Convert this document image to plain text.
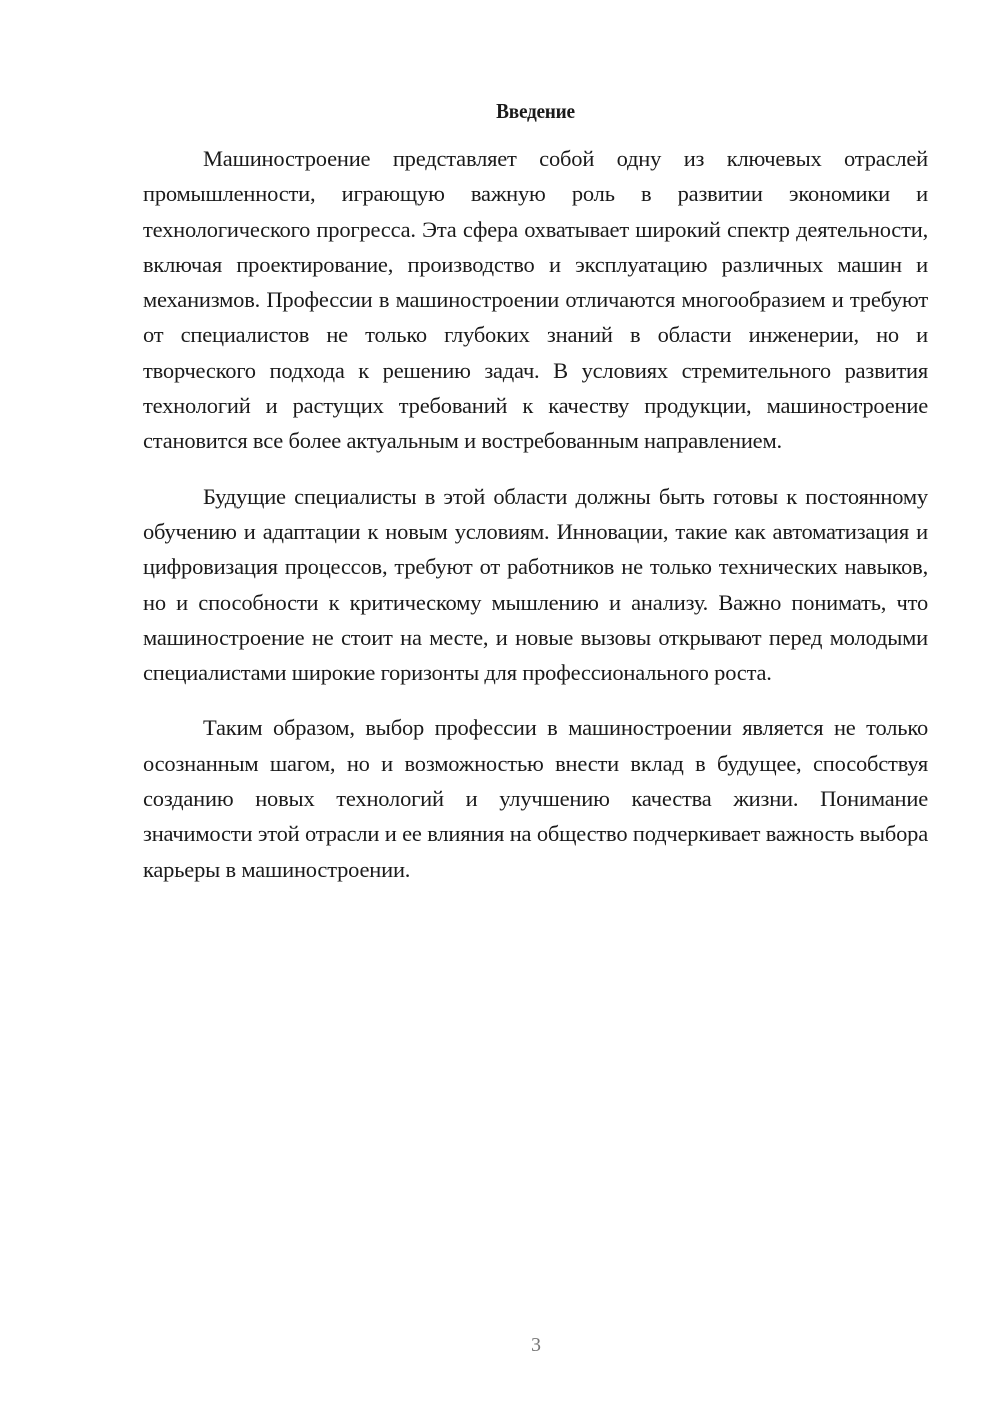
Введение

Машиностроение представляет собой одну из ключевых отраслей промышленности, играющую важную роль в развитии экономики и технологического прогресса. Эта сфера охватывает широкий спектр деятельности, включая проектирование, производство и эксплуатацию различных машин и механизмов. Профессии в машиностроении отличаются многообразием и требуют от специалистов не только глубоких знаний в области инженерии, но и творческого подхода к решению задач. В условиях стремительного развития технологий и растущих требований к качеству продукции, машиностроение становится все более актуальным и востребованным направлением.

Будущие специалисты в этой области должны быть готовы к постоянному обучению и адаптации к новым условиям. Инновации, такие как автоматизация и цифровизация процессов, требуют от работников не только технических навыков, но и способности к критическому мышлению и анализу. Важно понимать, что машиностроение не стоит на месте, и новые вызовы открывают перед молодыми специалистами широкие горизонты для профессионального роста.

Таким образом, выбор профессии в машиностроении является не только осознанным шагом, но и возможностью внести вклад в будущее, способствуя созданию новых технологий и улучшению качества жизни. Понимание значимости этой отрасли и ее влияния на общество подчеркивает важность выбора карьеры в машиностроении.

3
